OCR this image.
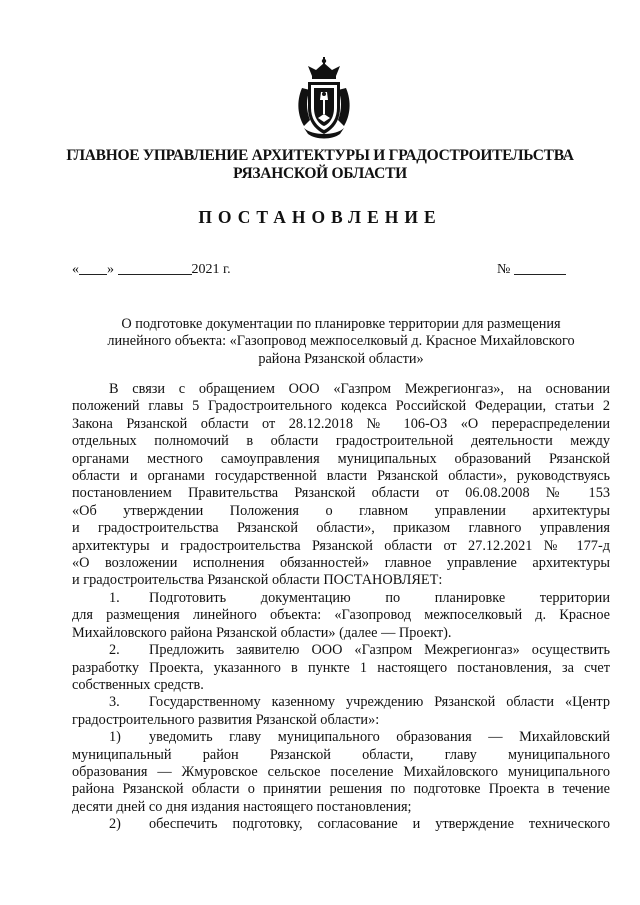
ГЛАВНОЕ УПРАВЛЕНИЕ АРХИТЕКТУРЫ И ГРАДОСТРОИТЕЛЬСТВА
РЯЗАНСКОЙ ОБЛАСТИ
ПОСТАНОВЛЕНИЕ
« »	2021 г.	№
О подготовке документации по планировке территории для размещения
линейного объекта: «Газопровод межпоселковый д. Красное Михайловского
района Рязанской области»

В связи с обращением ООО «Газпром Межрегионгаз», на основании

положений главы 5 Градостроительного кодекса Российской Федерации, статьи 2

Закона Рязанской области от 28.12.2018 № 106-ОЗ «О перераспределении

отдельных полномочий в области градостроительной деятельности между

органами местного самоуправления муниципальных образований Рязанской

области и органами государственной власти Рязанской области», руководствуясь

постановлением Правительства Рязанской области от 06.08.2008 № 153

«Об утверждении Положения о главном управлении архитектуры

и градостроительства Рязанской области», приказом главного управления

архитектуры и градостроительства Рязанской области от 27.12.2021 № 177-д

«О возложении исполнения обязанностей» главное управление архитектуры

и градостроительства Рязанской области ПОСТАНОВЛЯЕТ:

1. Подготовить документацию по планировке территории

для размещения линейного объекта: «Газопровод межпоселковый д. Красное

Михайловского района Рязанской области» (далее — Проект).

2. Предложить заявителю ООО «Газпром Межрегионгаз» осуществить

разработку Проекта, указанного в пункте 1 настоящего постановления, за счет

собственных средств.

3. Государственному казенному учреждению Рязанской области «Центр

градостроительного развития Рязанской области»:

1) уведомить главу муниципального образования — Михайловский

муниципальный район Рязанской области, главу муниципального

образования — Жмуровское сельское поселение Михайловского муниципального

района Рязанской области о принятии решения по подготовке Проекта в течение

десяти дней со дня издания настоящего постановления;

2) обеспечить подготовку, согласование и утверждение технического
